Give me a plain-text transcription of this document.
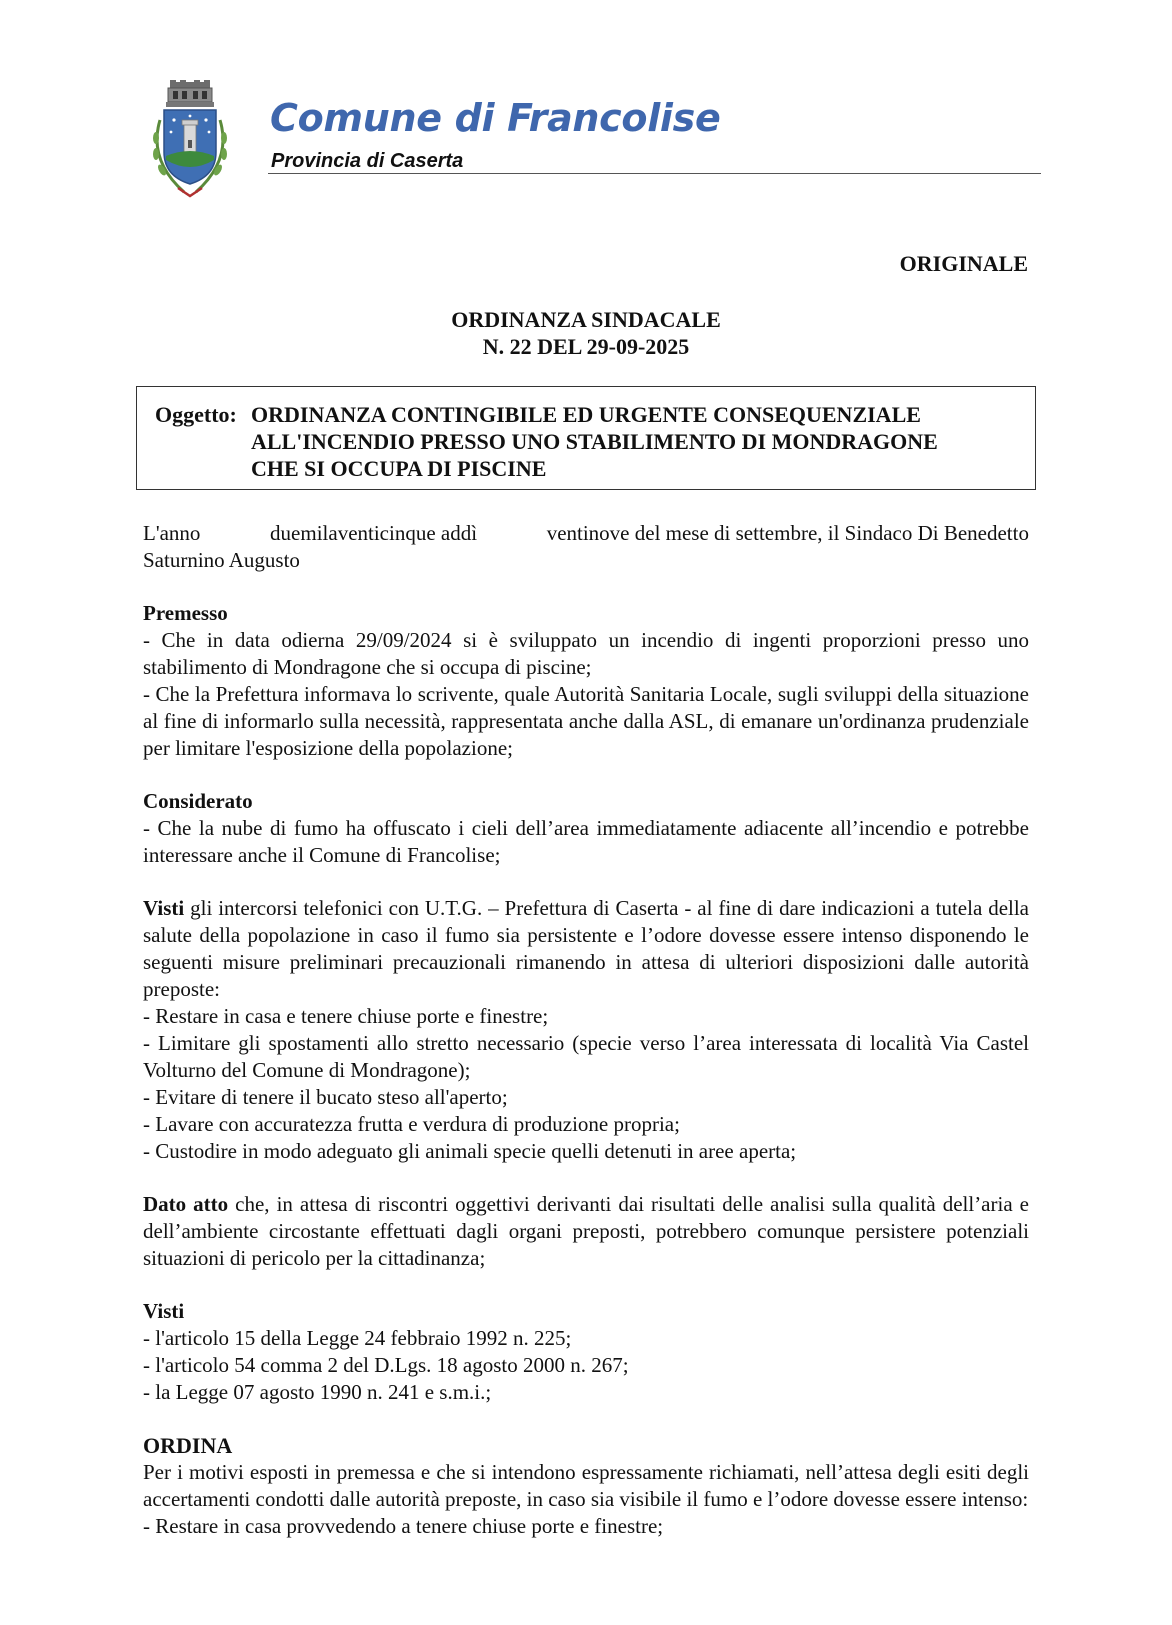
Comune di Francolise
Provincia di Caserta
ORIGINALE
ORDINANZA SINDACALE
N. 22 DEL 29-09-2025
Oggetto: ORDINANZA CONTINGIBILE ED URGENTE CONSEQUENZIALE
ALL'INCENDIO PRESSO UNO STABILIMENTO DI MONDRAGONE
CHE SI OCCUPA DI PISCINE
L'anno	duemilaventicinque addì	ventinove del mese di settembre, il Sindaco Di Benedetto

Saturnino Augusto

Premesso

- Che in data odierna 29/09/2024 si è sviluppato un incendio di ingenti proporzioni presso uno stabilimento di Mondragone che si occupa di piscine;

- Che la Prefettura informava lo scrivente, quale Autorità Sanitaria Locale, sugli sviluppi della situazione al fine di informarlo sulla necessità, rappresentata anche dalla ASL, di emanare un'ordinanza prudenziale per limitare l'esposizione della popolazione;

Considerato

- Che la nube di fumo ha offuscato i cieli dell’area immediatamente adiacente all’incendio e potrebbe interessare anche il Comune di Francolise;

Visti gli intercorsi telefonici con U.T.G. – Prefettura di Caserta - al fine di dare indicazioni a tutela della salute della popolazione in caso il fumo sia persistente e l’odore dovesse essere intenso disponendo le seguenti misure preliminari precauzionali rimanendo in attesa di ulteriori disposizioni dalle autorità preposte:

- Restare in casa e tenere chiuse porte e finestre;

- Limitare gli spostamenti allo stretto necessario (specie verso l’area interessata di località Via Castel Volturno del Comune di Mondragone);

- Evitare di tenere il bucato steso all'aperto;

- Lavare con accuratezza frutta e verdura di produzione propria;

- Custodire in modo adeguato gli animali specie quelli detenuti in aree aperta;

Dato atto che, in attesa di riscontri oggettivi derivanti dai risultati delle analisi sulla qualità dell’aria e dell’ambiente circostante effettuati dagli organi preposti, potrebbero comunque persistere potenziali situazioni di pericolo per la cittadinanza;

Visti

- l'articolo 15 della Legge 24 febbraio 1992 n. 225;

- l'articolo 54 comma 2 del D.Lgs. 18 agosto 2000 n. 267;

- la Legge 07 agosto 1990 n. 241 e s.m.i.;

ORDINA

Per i motivi esposti in premessa e che si intendono espressamente richiamati, nell’attesa degli esiti degli accertamenti condotti dalle autorità preposte, in caso sia visibile il fumo e l’odore dovesse essere intenso:

- Restare in casa provvedendo a tenere chiuse porte e finestre;
